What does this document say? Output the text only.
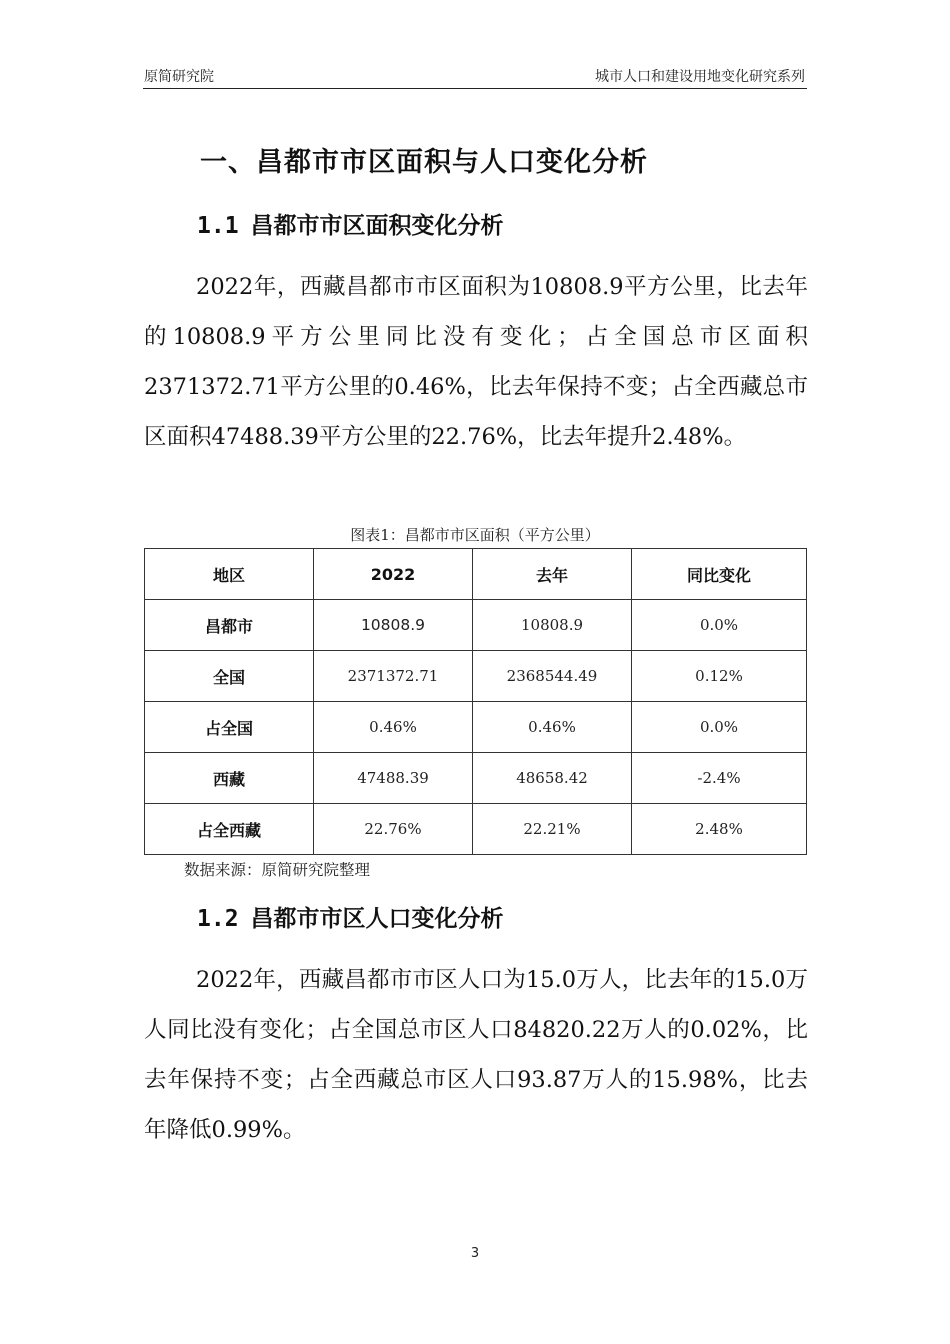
原简研究院	城市人口和建设用地变化研究系列
一、昌都市市区面积与人口变化分析
1.1 昌都市市区面积变化分析

2022年，西藏昌都市市区面积为10808.9平方公里，比去年的10808.9平方公里同比没有变化；占全国总市区面积2371372.71平方公里的0.46%，比去年保持不变；占全西藏总市区面积47488.39平方公里的22.76%，比去年提升2.48%。

图表1：昌都市市区面积（平方公里）
地区	2022	去年	同比变化
昌都市	10808.9	10808.9	0.0%
全国	2371372.71	2368544.49	0.12%
占全国	0.46%	0.46%	0.0%
西藏	47488.39	48658.42	-2.4%
占全西藏	22.76%	22.21%	2.48%
数据来源：原简研究院整理
1.2 昌都市市区人口变化分析

2022年，西藏昌都市市区人口为15.0万人，比去年的15.0万人同比没有变化；占全国总市区人口84820.22万人的0.02%，比去年保持不变；占全西藏总市区人口93.87万人的15.98%，比去年降低0.99%。

3
